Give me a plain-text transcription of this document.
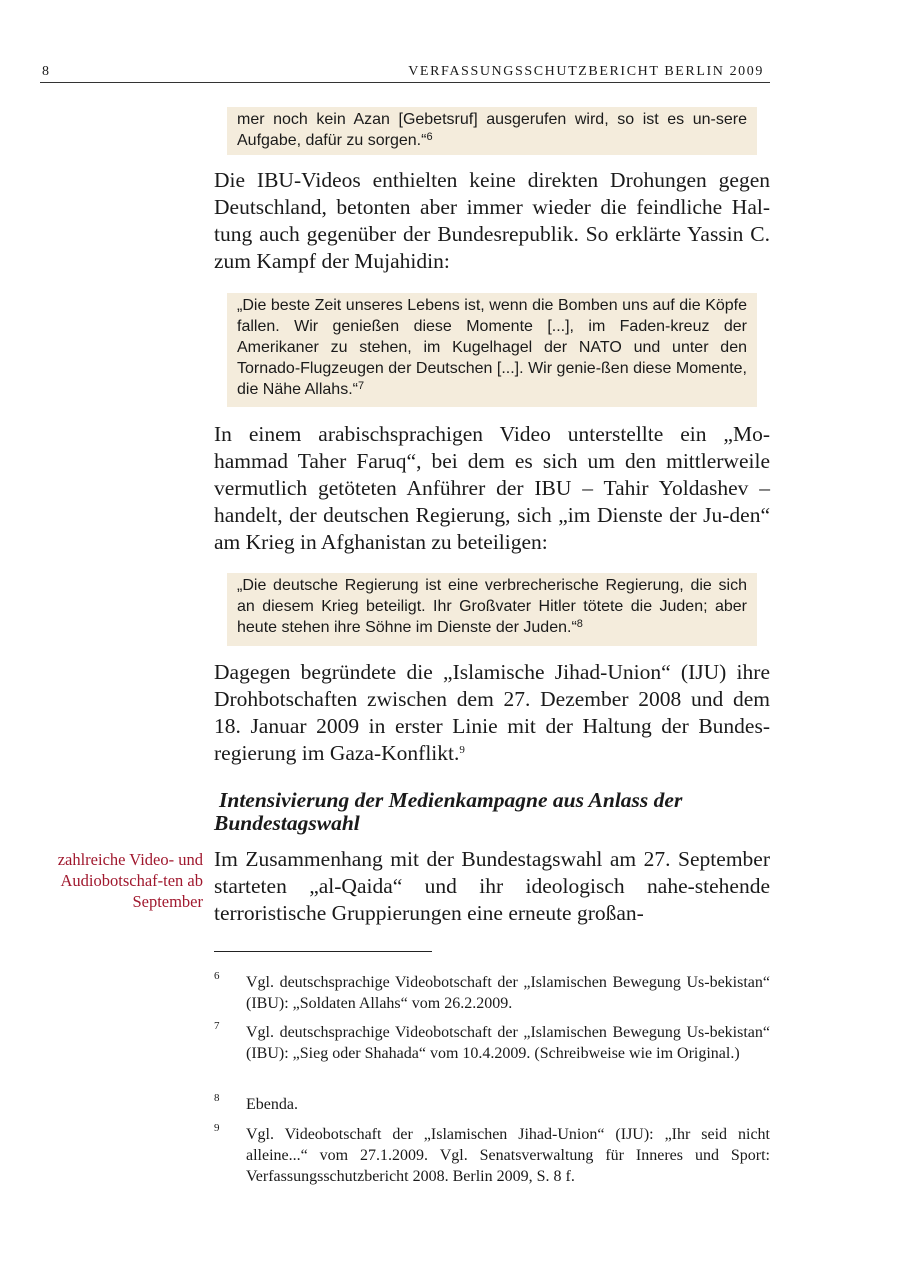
8	VERFASSUNGSSCHUTZBERICHT BERLIN 2009
mer noch kein Azan [Gebetsruf] ausgerufen wird, so ist es un-sere Aufgabe, dafür zu sorgen.“$^6$

Die IBU-Videos enthielten keine direkten Drohungen gegen Deutschland, betonten aber immer wieder die feindliche Hal-tung auch gegenüber der Bundesrepublik. So erklärte Yassin C. zum Kampf der Mujahidin:

„Die beste Zeit unseres Lebens ist, wenn die Bomben uns auf die Köpfe fallen. Wir genießen diese Momente [...], im Faden-kreuz der Amerikaner zu stehen, im Kugelhagel der NATO und unter den Tornado-Flugzeugen der Deutschen [...]. Wir genie-ßen diese Momente, die Nähe Allahs.“$^7$

In einem arabischsprachigen Video unterstellte ein „Mo-hammad Taher Faruq“, bei dem es sich um den mittlerweile vermutlich getöteten Anführer der IBU – Tahir Yoldashev – handelt, der deutschen Regierung, sich „im Dienste der Ju-den“ am Krieg in Afghanistan zu beteiligen:

„Die deutsche Regierung ist eine verbrecherische Regierung, die sich an diesem Krieg beteiligt. Ihr Großvater Hitler tötete die Juden; aber heute stehen ihre Söhne im Dienste der Juden.“$^8$

Dagegen begründete die „Islamische Jihad-Union“ (IJU) ihre Drohbotschaften zwischen dem 27. Dezember 2008 und dem 18. Januar 2009 in erster Linie mit der Haltung der Bundes-regierung im Gaza-Konflikt.$^9$

Intensivierung der Medienkampagne aus Anlass der
Bundestagswahl
zahlreiche Video- und Audiobotschaf-ten ab September

Im Zusammenhang mit der Bundestagswahl am 27. September starteten „al-Qaida“ und ihr ideologisch nahe-stehende terroristische Gruppierungen eine erneute großan-

6 Vgl. deutschsprachige Videobotschaft der „Islamischen Bewegung Us-bekistan“ (IBU): „Soldaten Allahs“ vom 26.2.2009.
7 Vgl. deutschsprachige Videobotschaft der „Islamischen Bewegung Us-bekistan“ (IBU): „Sieg oder Shahada“ vom 10.4.2009. (Schreibweise wie im Original.)
8 Ebenda.
9 Vgl. Videobotschaft der „Islamischen Jihad-Union“ (IJU): „Ihr seid nicht alleine...“ vom 27.1.2009. Vgl. Senatsverwaltung für Inneres und Sport: Verfassungsschutzbericht 2008. Berlin 2009, S. 8 f.
